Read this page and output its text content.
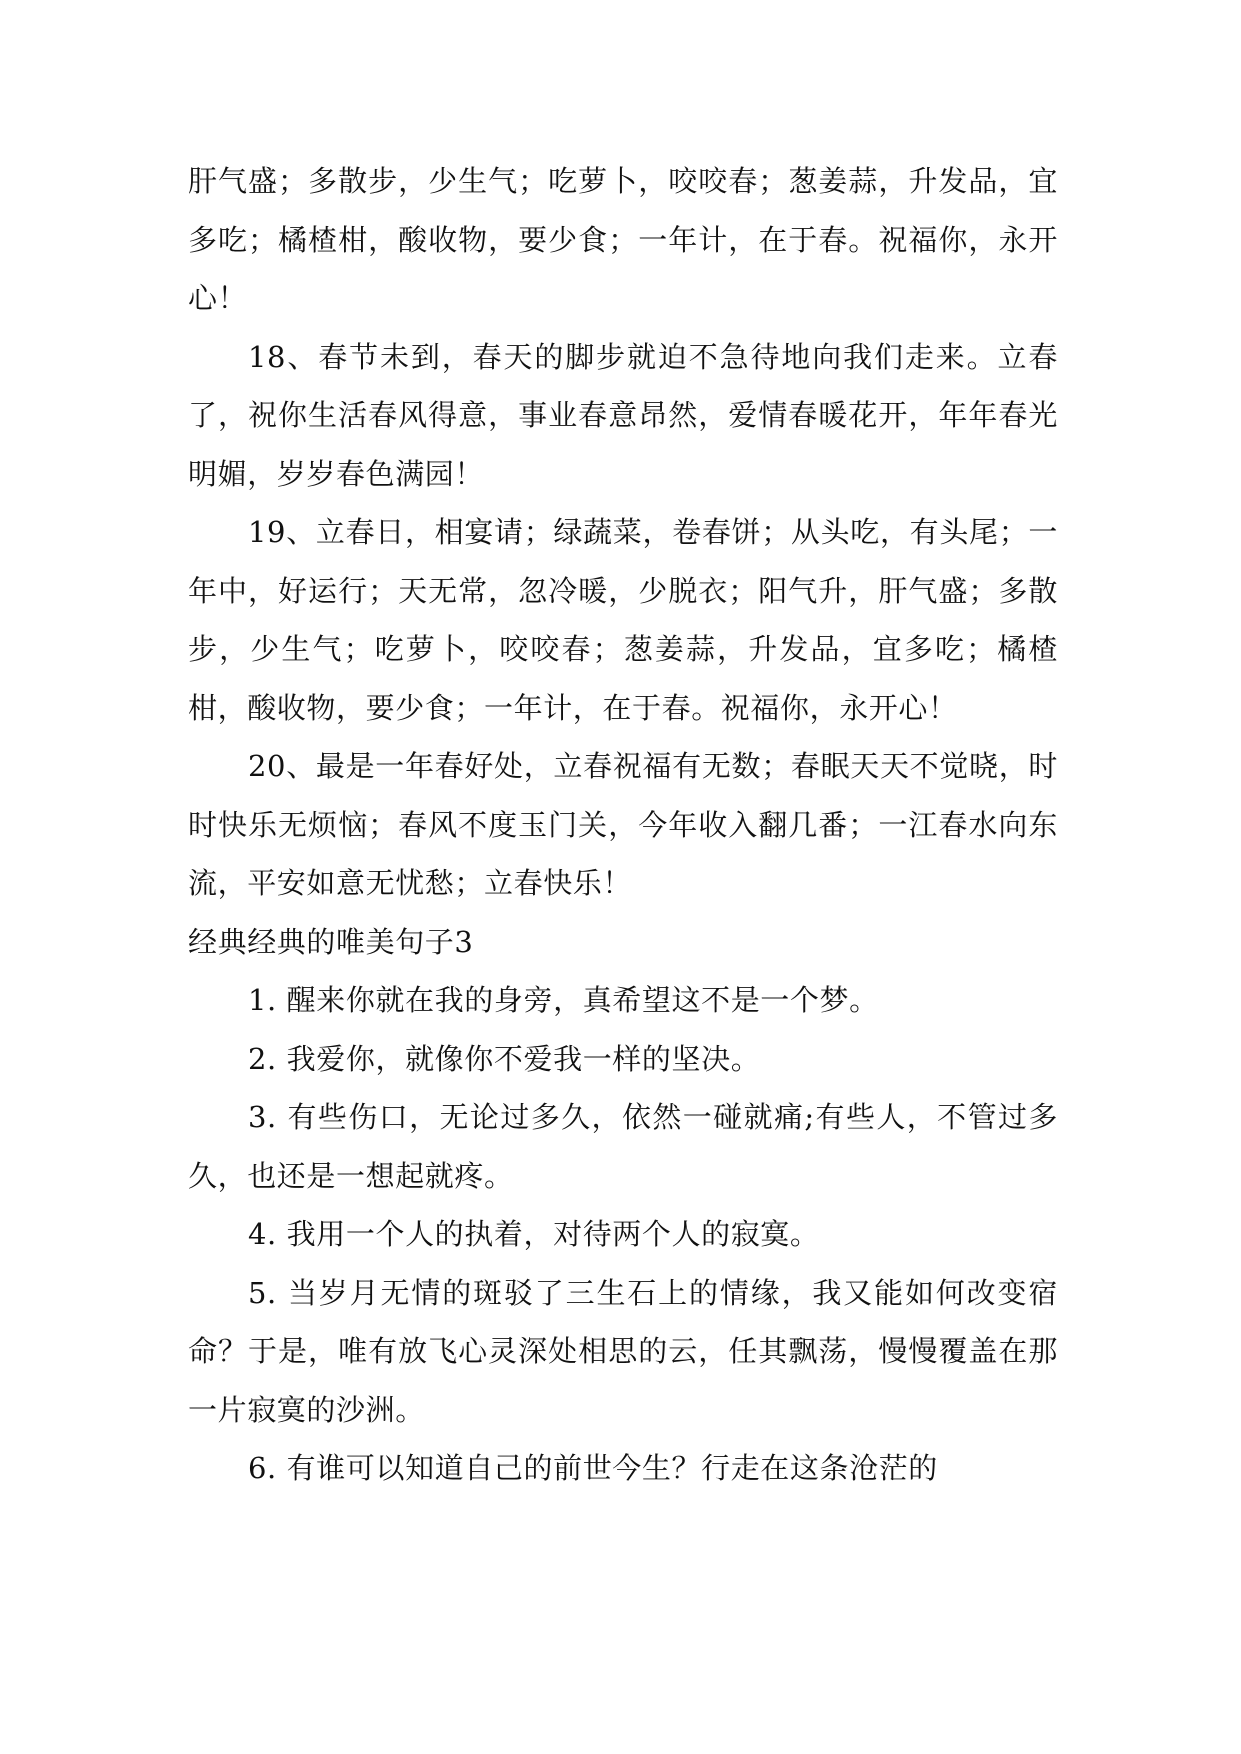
肝气盛；多散步，少生气；吃萝卜，咬咬春；葱姜蒜，升发品，宜多吃；橘楂柑，酸收物，要少食；一年计，在于春。祝福你，永开心！

18、春节未到，春天的脚步就迫不急待地向我们走来。立春了，祝你生活春风得意，事业春意昂然，爱情春暖花开，年年春光明媚，岁岁春色满园！

19、立春日，相宴请；绿蔬菜，卷春饼；从头吃，有头尾；一年中，好运行；天无常，忽冷暖，少脱衣；阳气升，肝气盛；多散步，少生气；吃萝卜，咬咬春；葱姜蒜，升发品，宜多吃；橘楂柑，酸收物，要少食；一年计，在于春。祝福你，永开心！

20、最是一年春好处，立春祝福有无数；春眠天天不觉晓，时时快乐无烦恼；春风不度玉门关，今年收入翻几番；一江春水向东流，平安如意无忧愁；立春快乐！

经典经典的唯美句子3

1. 醒来你就在我的身旁，真希望这不是一个梦。

2. 我爱你，就像你不爱我一样的坚决。

3. 有些伤口，无论过多久，依然一碰就痛;有些人，不管过多久，也还是一想起就疼。

4. 我用一个人的执着，对待两个人的寂寞。

5. 当岁月无情的斑驳了三生石上的情缘，我又能如何改变宿命？于是，唯有放飞心灵深处相思的云，任其飘荡，慢慢覆盖在那一片寂寞的沙洲。

6. 有谁可以知道自己的前世今生？行走在这条沧茫的
